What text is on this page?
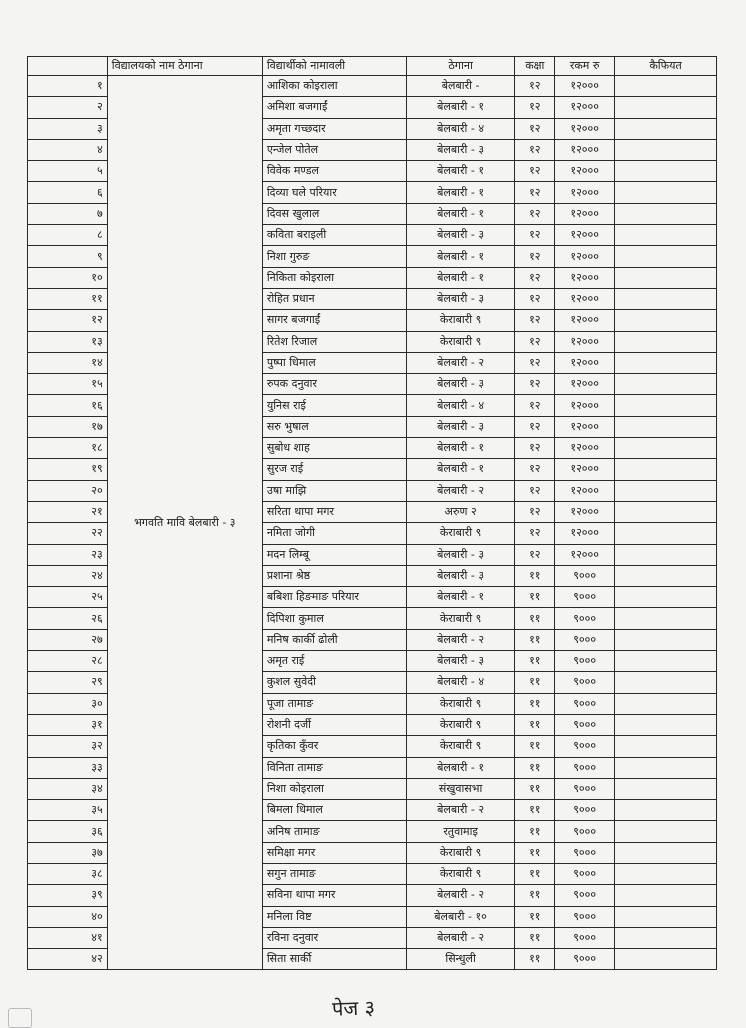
	विद्यालयको नाम ठेगाना	विद्यार्थीको नामावली	ठेगाना	कक्षा	रकम रु	कैफियत
१	भगवति मावि बेलबारी - ३	आशिका कोइराला	बेलबारी -	१२	१२०००	
२		अमिशा बजगाईं	बेलबारी - १	१२	१२०००	
३		अमृता गच्छदार	बेलबारी - ४	१२	१२०००	
४		एन्जेल पोतेल	बेलबारी - ३	१२	१२०००	
५		विवेक मण्डल	बेलबारी - १	१२	१२०००	
६		दिव्या घले परियार	बेलबारी - १	१२	१२०००	
७		दिवस खुलाल	बेलबारी - १	१२	१२०००	
८		कविता बराइली	बेलबारी - ३	१२	१२०००	
९		निशा गुरुङ	बेलबारी - १	१२	१२०००	
१०		निकिता कोइराला	बेलबारी - १	१२	१२०००	
११		रोहित प्रधान	बेलबारी - ३	१२	१२०००	
१२		सागर बजगाईं	केराबारी ९	१२	१२०००	
१३		रितेश रिजाल	केराबारी ९	१२	१२०००	
१४		पुष्पा धिमाल	बेलबारी - २	१२	१२०००	
१५		रुपक दनुवार	बेलबारी - ३	१२	१२०००	
१६		युनिस राई	बेलबारी - ४	१२	१२०००	
१७		सरु भुषाल	बेलबारी - ३	१२	१२०००	
१८		सुबोध शाह	बेलबारी - १	१२	१२०००	
१९		सुरज राई	बेलबारी - १	१२	१२०००	
२०		उषा माझि	बेलबारी - २	१२	१२०००	
२१		सरिता थापा मगर	अरुण २	१२	१२०००	
२२		नमिता जोगी	केराबारी ९	१२	१२०००	
२३		मदन लिम्बू	बेलबारी - ३	१२	१२०००	
२४		प्रशाना श्रेष्ठ	बेलबारी - ३	११	९०००	
२५		बबिशा हिङमाङ परियार	बेलबारी - १	११	९०००	
२६		दिपिशा कुमाल	केराबारी ९	११	९०००	
२७		मनिष कार्की ढोली	बेलबारी - २	११	९०००	
२८		अमृत राई	बेलबारी - ३	११	९०००	
२९		कुशल सुवेदी	बेलबारी - ४	११	९०००	
३०		पूजा तामाङ	केराबारी ९	११	९०००	
३१		रोशनी दर्जी	केराबारी ९	११	९०००	
३२		कृतिका कुँवर	केराबारी ९	११	९०००	
३३		विनिता तामाङ	बेलबारी - १	११	९०००	
३४		निशा कोइराला	संखुवासभा	११	९०००	
३५		बिमला धिमाल	बेलबारी - २	११	९०००	
३६		अनिष तामाङ	रतुवामाइ	११	९०००	
३७		समिक्षा मगर	केराबारी ९	११	९०००	
३८		सगुन तामाङ	केराबारी ९	११	९०००	
३९		सविना थापा मगर	बेलबारी - २	११	९०००	
४०		मनिला विष्ट	बेलबारी - १०	११	९०००	
४१		रविना दनुवार	बेलबारी - २	११	९०००	
४२		सिता सार्की	सिन्धुली	११	९०००	
पेज ३
